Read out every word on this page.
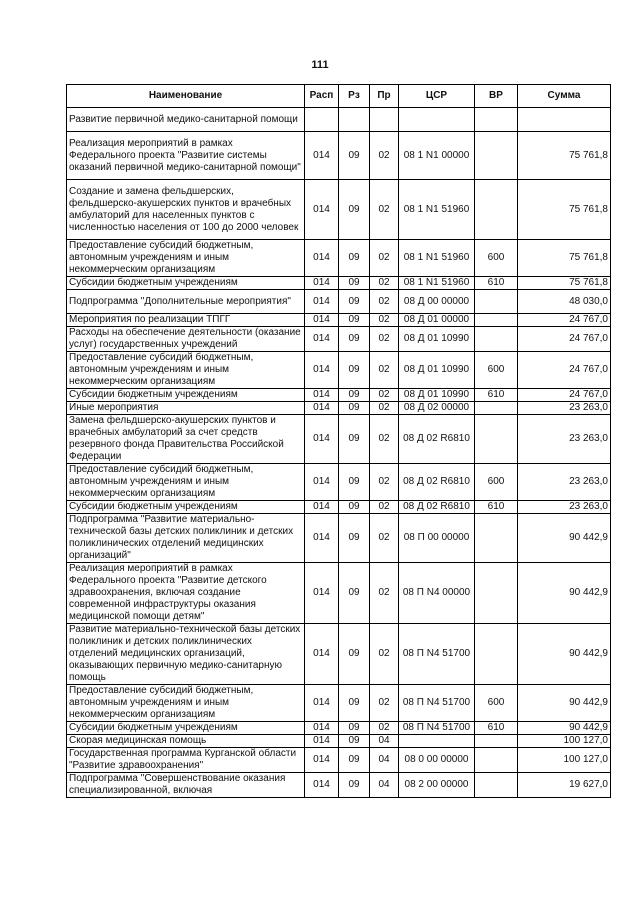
111
Наименование	Расп	Рз	Пр	ЦСР	ВР	Сумма
Развитие первичной медико-санитарной помощи						
Реализация мероприятий в рамках Федерального проекта "Развитие системы оказаний первичной медико-санитарной помощи"	014	09	02	08 1 N1 00000		75 761,8
Создание и замена фельдшерских, фельдшерско-акушерских пунктов и врачебных амбулаторий для населенных пунктов с численностью населения от 100 до 2000 человек	014	09	02	08 1 N1 51960		75 761,8
Предоставление субсидий бюджетным, автономным учреждениям и иным некоммерческим организациям	014	09	02	08 1 N1 51960	600	75 761,8
Субсидии бюджетным учреждениям	014	09	02	08 1 N1 51960	610	75 761,8
Подпрограмма "Дополнительные мероприятия"	014	09	02	08 Д 00 00000		48 030,0
Мероприятия по реализации ТПГГ	014	09	02	08 Д 01 00000		24 767,0
Расходы на обеспечение деятельности (оказание услуг) государственных учреждений	014	09	02	08 Д 01 10990		24 767,0
Предоставление субсидий бюджетным, автономным учреждениям и иным некоммерческим организациям	014	09	02	08 Д 01 10990	600	24 767,0
Субсидии бюджетным учреждениям	014	09	02	08 Д 01 10990	610	24 767,0
Иные мероприятия	014	09	02	08 Д 02 00000		23 263,0
Замена фельдшерско-акушерских пунктов и врачебных амбулаторий за счет средств резервного фонда Правительства Российской Федерации	014	09	02	08 Д 02 R6810		23 263,0
Предоставление субсидий бюджетным, автономным учреждениям и иным некоммерческим организациям	014	09	02	08 Д 02 R6810	600	23 263,0
Субсидии бюджетным учреждениям	014	09	02	08 Д 02 R6810	610	23 263,0
Подпрограмма "Развитие материально-технической базы детских поликлиник и детских поликлинических отделений медицинских организаций"	014	09	02	08 П 00 00000		90 442,9
Реализация мероприятий в рамках Федерального проекта "Развитие детского здравоохранения, включая создание современной инфраструктуры оказания медицинской помощи детям"	014	09	02	08 П N4 00000		90 442,9
Развитие материально-технической базы детских поликлиник и детских поликлинических отделений медицинских организаций, оказывающих первичную медико-санитарную помощь	014	09	02	08 П N4 51700		90 442,9
Предоставление субсидий бюджетным, автономным учреждениям и иным некоммерческим организациям	014	09	02	08 П N4 51700	600	90 442,9
Субсидии бюджетным учреждениям	014	09	02	08 П N4 51700	610	90 442,9
Скорая медицинская помощь	014	09	04			100 127,0
Государственная программа Курганской области "Развитие здравоохранения"	014	09	04	08 0 00 00000		100 127,0
Подпрограмма "Совершенствование оказания специализированной, включая	014	09	04	08 2 00 00000		19 627,0
